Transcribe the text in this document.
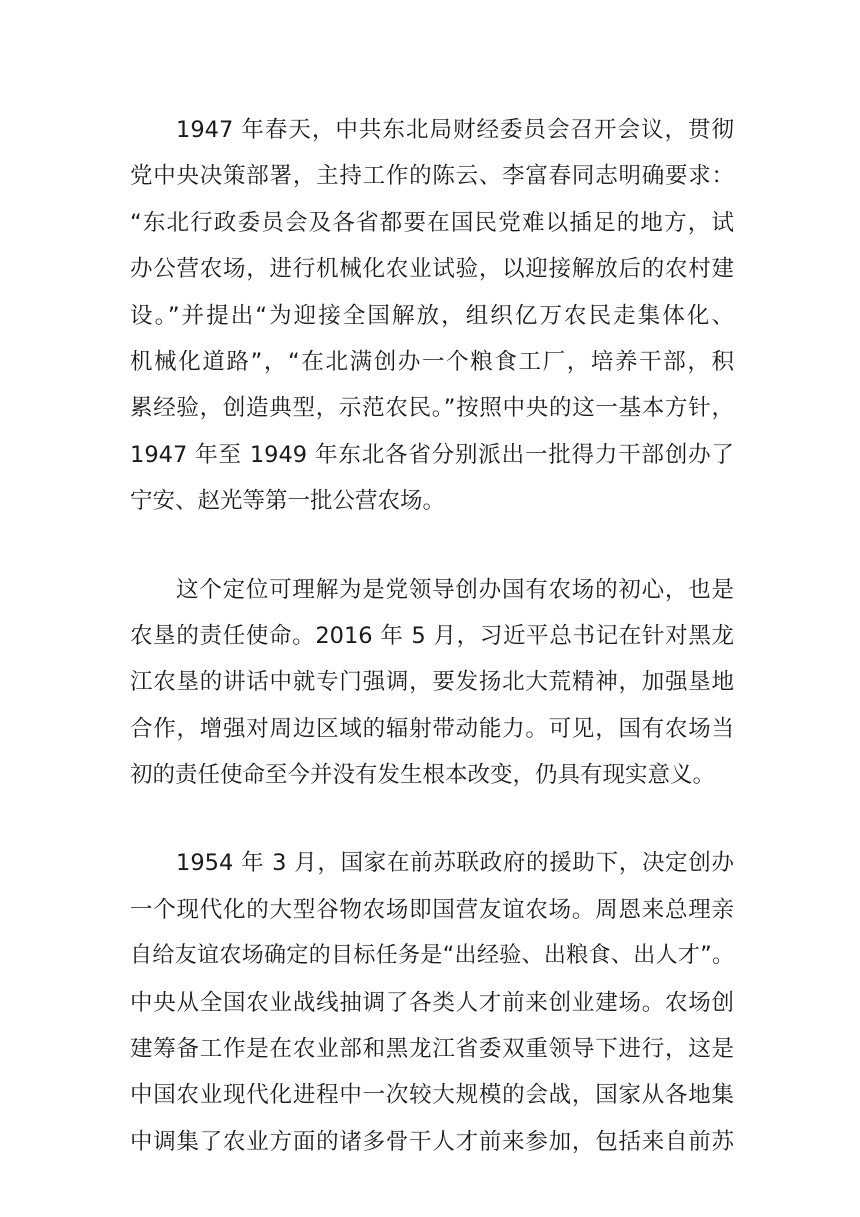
1947 年春天，中共东北局财经委员会召开会议，贯彻
党中央决策部署，主持工作的陈云、李富春同志明确要求：
“东北行政委员会及各省都要在国民党难以插足的地方，试
办公营农场，进行机械化农业试验，以迎接解放后的农村建
设。”并提出“为迎接全国解放，组织亿万农民走集体化、
机械化道路”，“在北满创办一个粮食工厂，培养干部，积
累经验，创造典型，示范农民。”按照中央的这一基本方针，
1947 年至 1949 年东北各省分别派出一批得力干部创办了
宁安、赵光等第一批公营农场。
这个定位可理解为是党领导创办国有农场的初心，也是
农垦的责任使命。2016 年 5 月，习近平总书记在针对黑龙
江农垦的讲话中就专门强调，要发扬北大荒精神，加强垦地
合作，增强对周边区域的辐射带动能力。可见，国有农场当
初的责任使命至今并没有发生根本改变，仍具有现实意义。
1954 年 3 月，国家在前苏联政府的援助下，决定创办
一个现代化的大型谷物农场即国营友谊农场。周恩来总理亲
自给友谊农场确定的目标任务是“出经验、出粮食、出人才”。
中央从全国农业战线抽调了各类人才前来创业建场。农场创
建筹备工作是在农业部和黑龙江省委双重领导下进行，这是
中国农业现代化进程中一次较大规模的会战，国家从各地集
中调集了农业方面的诸多骨干人才前来参加，包括来自前苏
